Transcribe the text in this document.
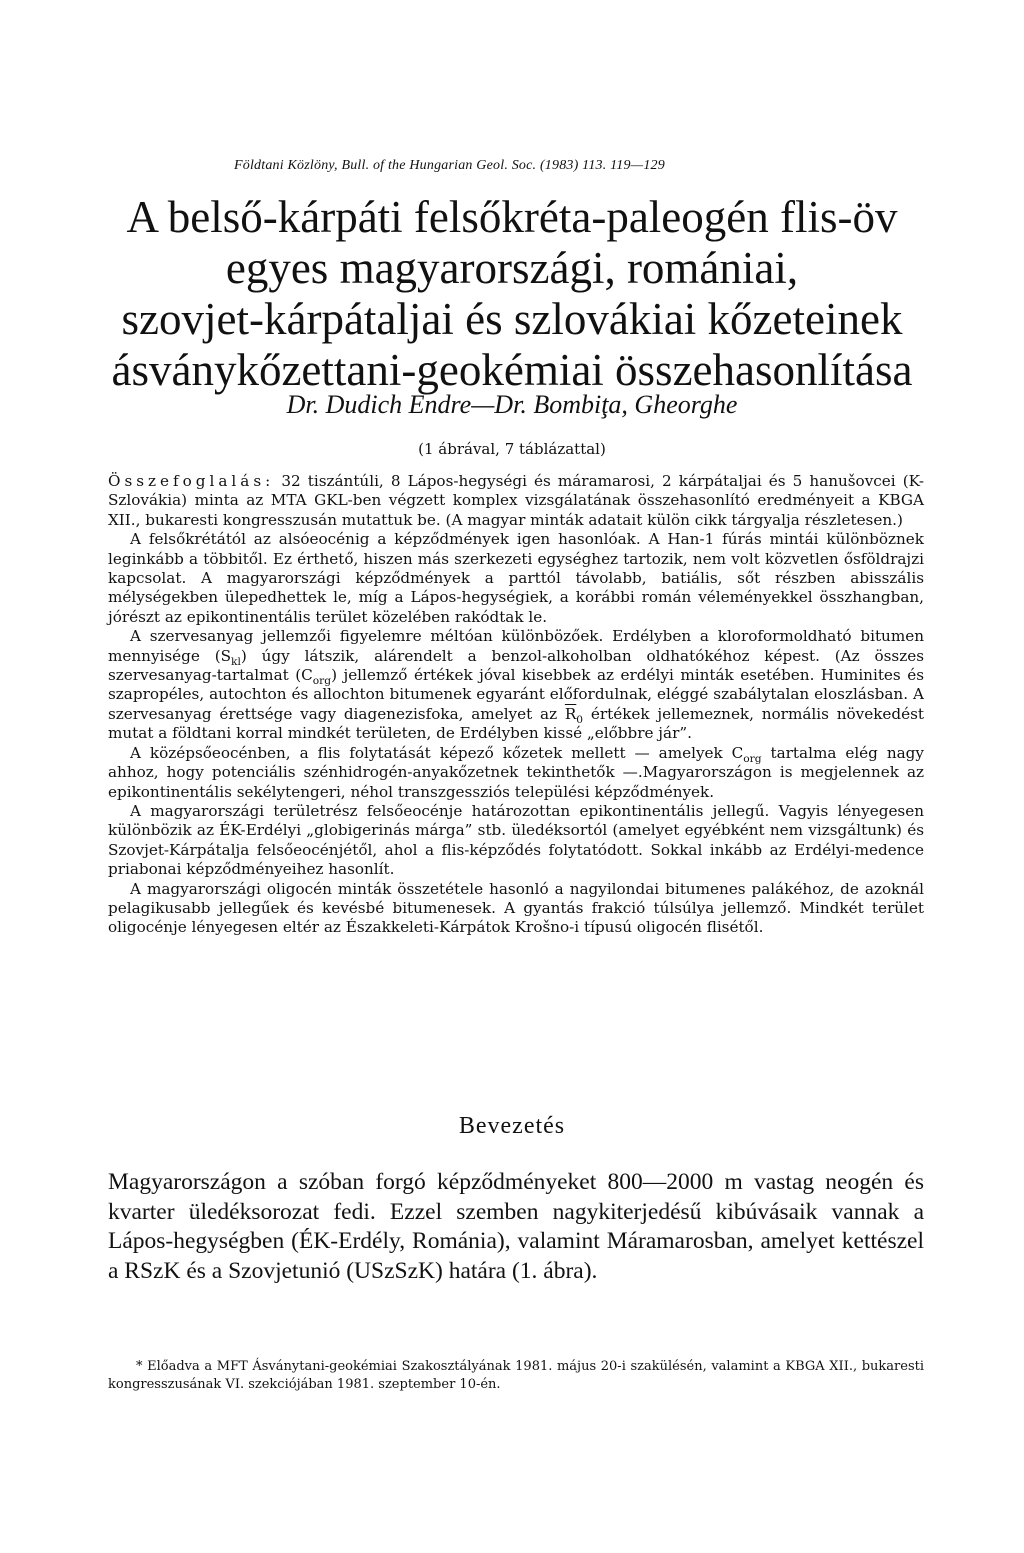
Földtani Közlöny, Bull. of the Hungarian Geol. Soc. (1983) 113. 119—129
A belső-kárpáti felsőkréta-paleogén flis-öv
egyes magyarországi, romániai,
szovjet-kárpátaljai és szlovákiai kőzeteinek
ásványkőzettani-geokémiai összehasonlítása
Dr. Dudich Endre—Dr. Bombiţa, Gheorghe
(1 ábrával, 7 táblázattal)

Összefoglalás: 32 tiszántúli, 8 Lápos-hegységi és máramarosi, 2 kárpátaljai és 5 hanušovcei (K-Szlovákia) minta az MTA GKL-ben végzett komplex vizsgálatának összehasonlító eredményeit a KBGA XII., bukaresti kongresszusán mutattuk be. (A magyar minták adatait külön cikk tárgyalja részletesen.)

A felsőkrétától az alsóeocénig a képződmények igen hasonlóak. A Han-1 fúrás mintái különböznek leginkább a többitől. Ez érthető, hiszen más szerkezeti egységhez tartozik, nem volt közvetlen ősföldrajzi kapcsolat. A magyarországi képződmények a parttól távolabb, batiális, sőt részben abisszális mélységekben ülepedhettek le, míg a Lápos-hegységiek, a korábbi román véleményekkel összhangban, jórészt az epikontinentális terület közelében rakódtak le.

A szervesanyag jellemzői figyelemre méltóan különbözőek. Erdélyben a kloroformoldható bitumen mennyisége $(S_{kl})$ úgy látszik, alárendelt a benzol-alkoholban oldhatókéhoz képest. (Az összes szervesanyag-tartalmat $(C_{org})$ jellemző értékek jóval kisebbek az erdélyi minták esetében. Huminites és szapropéles, autochton és allochton bitumenek egyaránt előfordulnak, eléggé szabálytalan eloszlásban. A szervesanyag érettsége vagy diagenezisfoka, amelyet az $\overline{R}_0$ értékek jellemeznek, normális növekedést mutat a földtani korral mindkét területen, de Erdélyben kissé „előbbre jár”.

A középsőeocénben, a flis folytatását képező kőzetek mellett — amelyek $C_{org}$ tartalma elég nagy ahhoz, hogy potenciális szénhidrogén-anyakőzetnek tekinthetők —.Magyarországon is megjelennek az epikontinentális sekélytengeri, néhol transzgessziós települési képződmények.

A magyarországi területrész felsőeocénje határozottan epikontinentális jellegű. Vagyis lényegesen különbözik az ÉK-Erdélyi „globigerinás márga” stb. üledéksortól (amelyet egyébként nem vizsgáltunk) és Szovjet-Kárpátalja felsőeocénjétől, ahol a flis-képződés folytatódott. Sokkal inkább az Erdélyi-medence priabonai képződményeihez hasonlít.

A magyarországi oligocén minták összetétele hasonló a nagyilondai bitumenes palákéhoz, de azoknál pelagikusabb jellegűek és kevésbé bitumenesek. A gyantás frakció túlsúlya jellemző. Mindkét terület oligocénje lényegesen eltér az Északkeleti-Kárpátok Krošno-i típusú oligocén flisétől.

Bevezetés

Magyarországon a szóban forgó képződményeket 800—2000 m vastag neogén és kvarter üledéksorozat fedi. Ezzel szemben nagykiterjedésű kibúvásaik vannak a Lápos-hegységben (ÉK-Erdély, Románia), valamint Máramarosban, amelyet kettészel a RSzK és a Szovjetunió (USzSzK) határa (1. ábra).

* Előadva a MFT Ásványtani-geokémiai Szakosztályának 1981. május 20-i szakülésén, valamint a KBGA XII., bukaresti kongresszusának VI. szekciójában 1981. szeptember 10-én.
